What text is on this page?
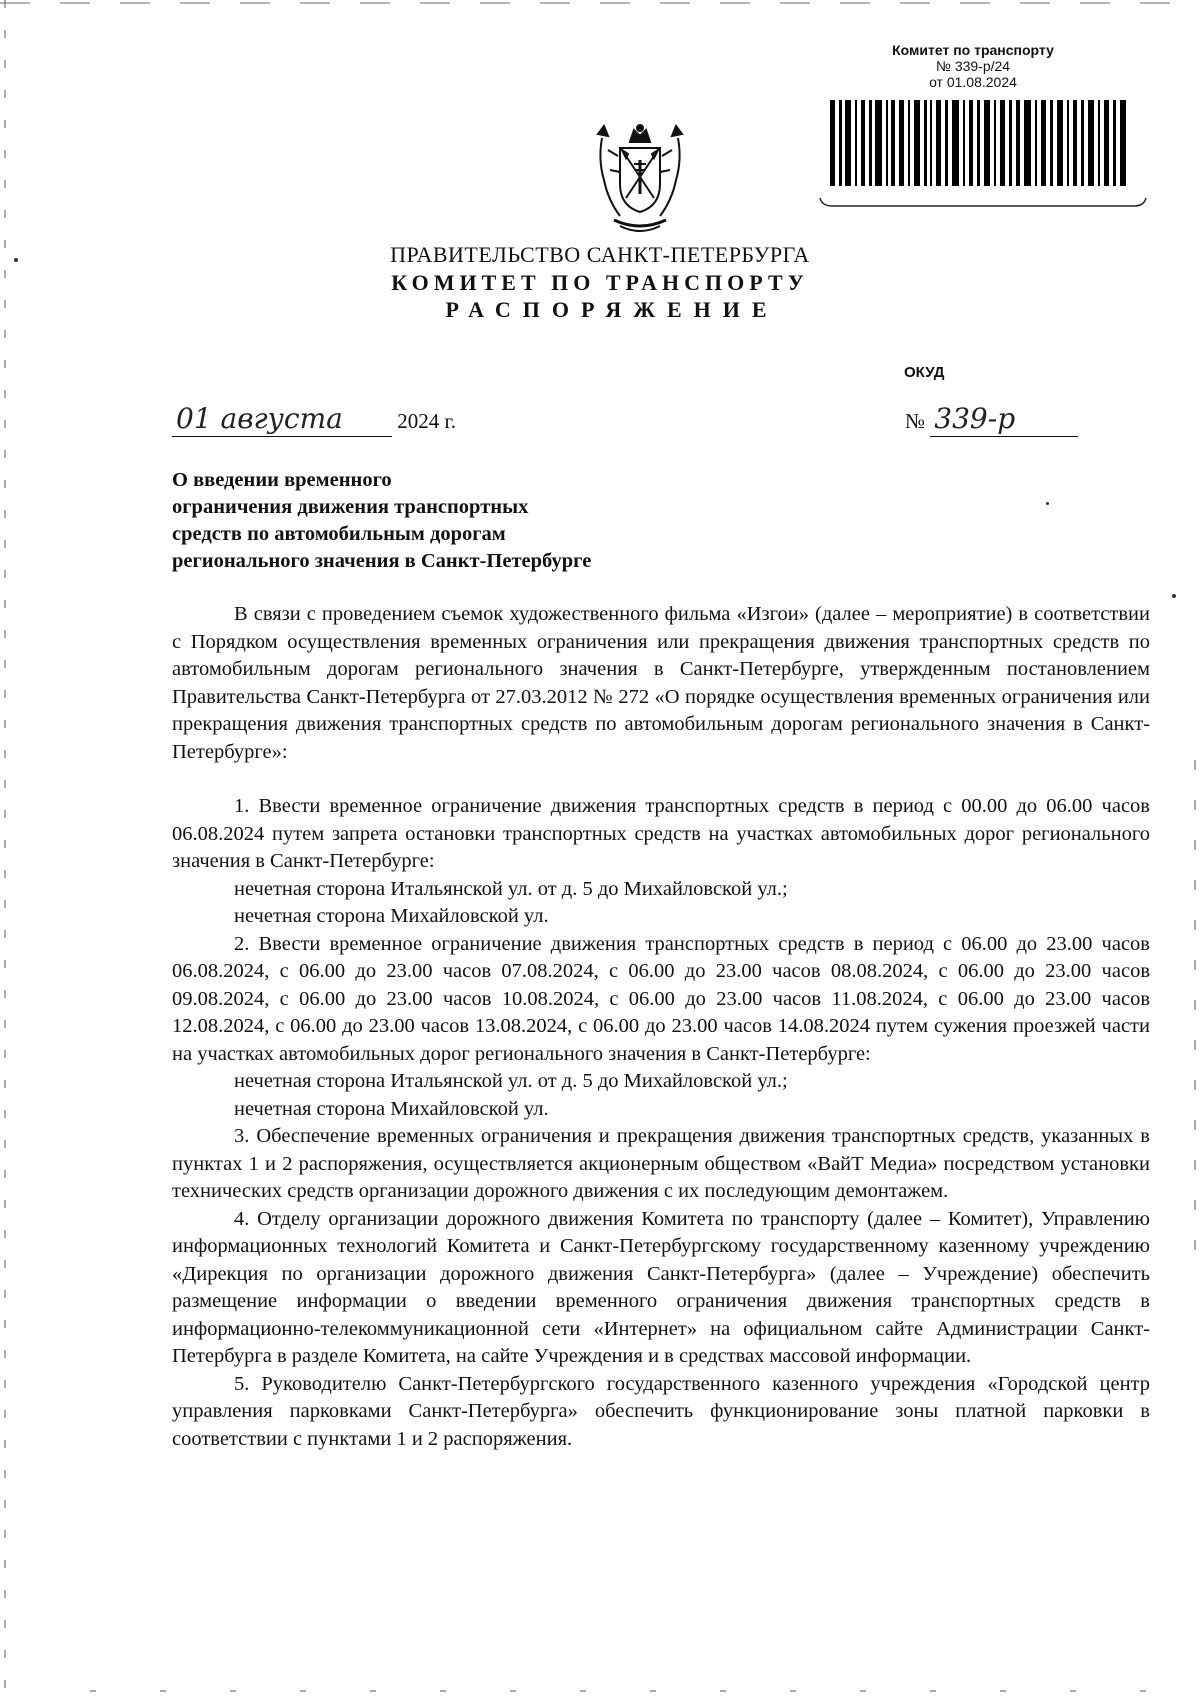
Комитет по транспорту
№ 339-р/24
от 01.08.2024
ПРАВИТЕЛЬСТВО САНКТ-ПЕТЕРБУРГА
КОМИТЕТ ПО ТРАНСПОРТУ
РАСПОРЯЖЕНИЕ
ОКУД
01 августа	2024 г.	№ 339-р
О введении временного
ограничения движения транспортных
средств по автомобильным дорогам
регионального значения в Санкт-Петербурге

В связи с проведением съемок художественного фильма «Изгои» (далее – мероприятие) в соответствии с Порядком осуществления временных ограничения или прекращения движения транспортных средств по автомобильным дорогам регионального значения в Санкт-Петербурге, утвержденным постановлением Правительства Санкт-Петербурга от 27.03.2012 № 272 «О порядке осуществления временных ограничения или прекращения движения транспортных средств по автомобильным дорогам регионального значения в Санкт-Петербурге»:

1. Ввести временное ограничение движения транспортных средств в период с 00.00 до 06.00 часов 06.08.2024 путем запрета остановки транспортных средств на участках автомобильных дорог регионального значения в Санкт-Петербурге:

нечетная сторона Итальянской ул. от д. 5 до Михайловской ул.;

нечетная сторона Михайловской ул.

2. Ввести временное ограничение движения транспортных средств в период с 06.00 до 23.00 часов 06.08.2024, с 06.00 до 23.00 часов 07.08.2024, с 06.00 до 23.00 часов 08.08.2024, с 06.00 до 23.00 часов 09.08.2024, с 06.00 до 23.00 часов 10.08.2024, с 06.00 до 23.00 часов 11.08.2024, с 06.00 до 23.00 часов 12.08.2024, с 06.00 до 23.00 часов 13.08.2024, с 06.00 до 23.00 часов 14.08.2024 путем сужения проезжей части на участках автомобильных дорог регионального значения в Санкт-Петербурге:

нечетная сторона Итальянской ул. от д. 5 до Михайловской ул.;

нечетная сторона Михайловской ул.

3. Обеспечение временных ограничения и прекращения движения транспортных средств, указанных в пунктах 1 и 2 распоряжения, осуществляется акционерным обществом «ВайТ Медиа» посредством установки технических средств организации дорожного движения с их последующим демонтажем.

4. Отделу организации дорожного движения Комитета по транспорту (далее – Комитет), Управлению информационных технологий Комитета и Санкт-Петербургскому государственному казенному учреждению «Дирекция по организации дорожного движения Санкт-Петербурга» (далее – Учреждение) обеспечить размещение информации о введении временного ограничения движения транспортных средств в информационно-телекоммуникационной сети «Интернет» на официальном сайте Администрации Санкт-Петербурга в разделе Комитета, на сайте Учреждения и в средствах массовой информации.

5. Руководителю Санкт-Петербургского государственного казенного учреждения «Городской центр управления парковками Санкт-Петербурга» обеспечить функционирование зоны платной парковки в соответствии с пунктами 1 и 2 распоряжения.
